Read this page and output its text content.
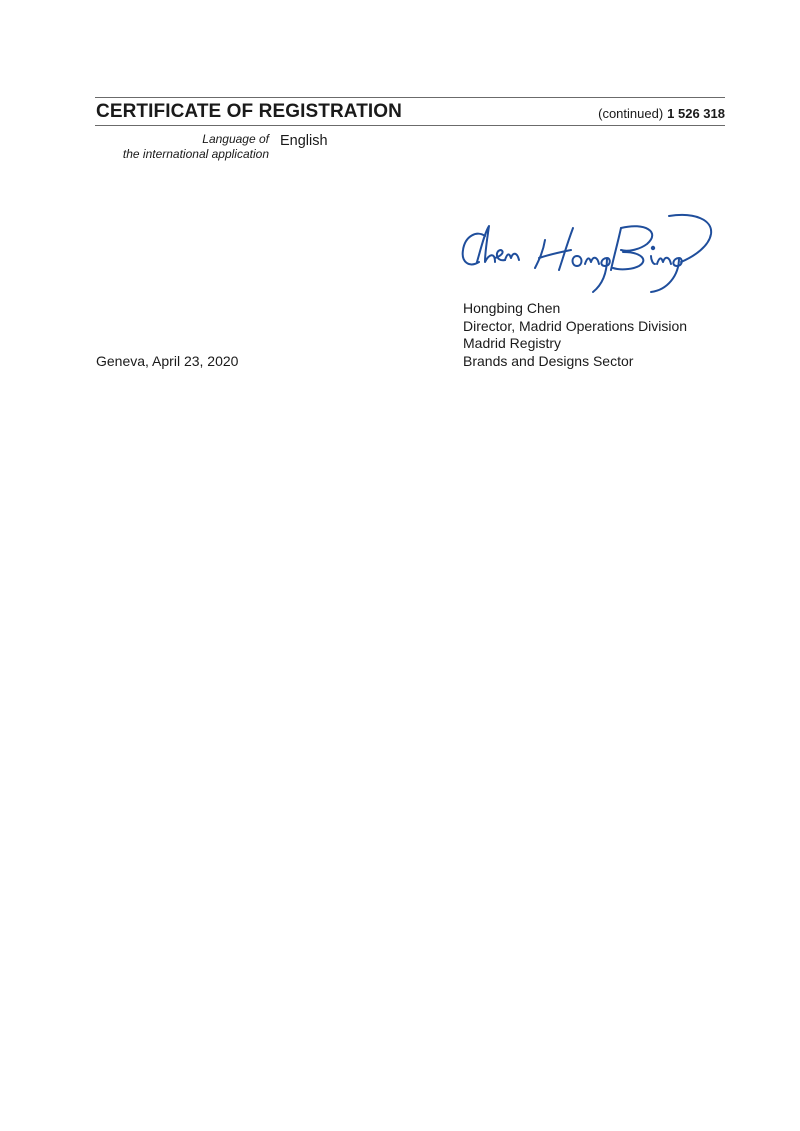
CERTIFICATE OF REGISTRATION	(continued) 1 526 318
Language of
the international application
English
Hongbing Chen
Director, Madrid Operations Division
Madrid Registry
Brands and Designs Sector
Geneva, April 23, 2020
